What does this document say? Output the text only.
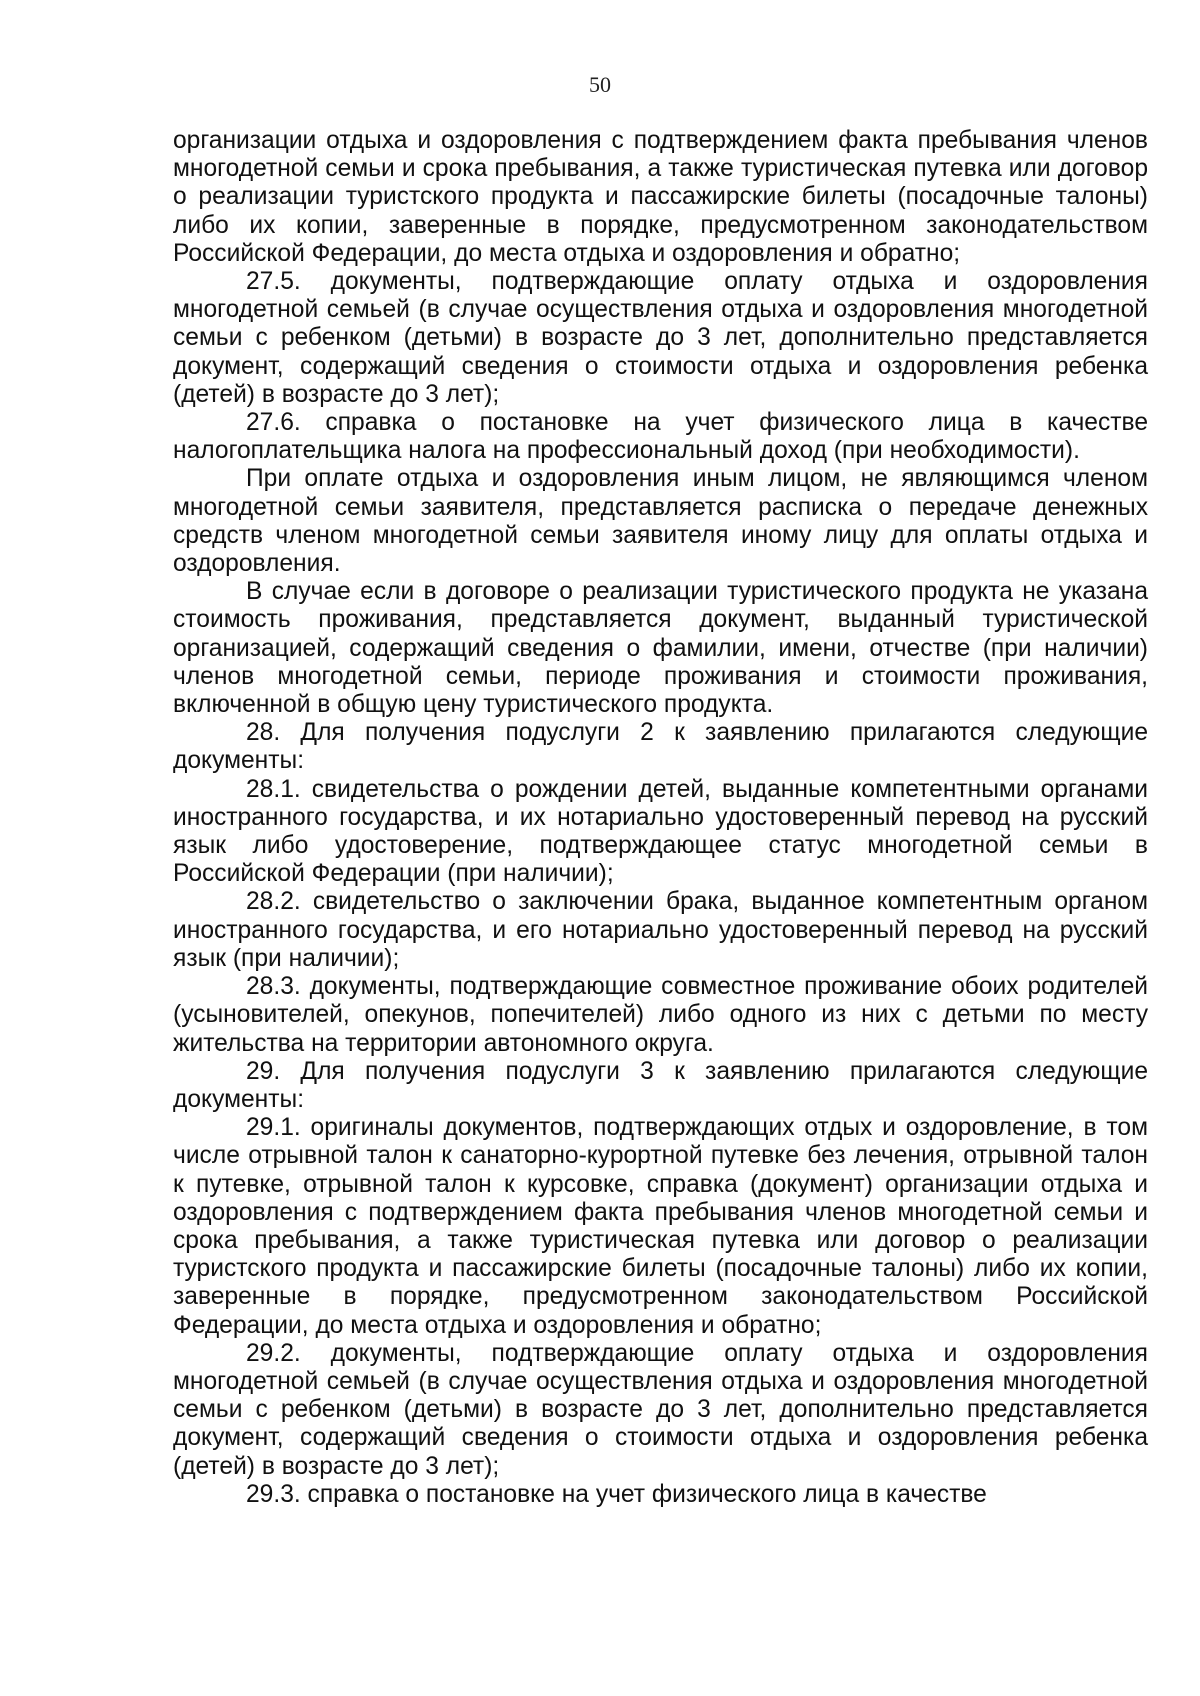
50

организации отдыха и оздоровления с подтверждением факта пребывания членов многодетной семьи и срока пребывания, а также туристическая путевка или договор о реализации туристского продукта и пассажирские билеты (посадочные талоны) либо их копии, заверенные в порядке, предусмотренном законодательством Российской Федерации, до места отдыха и оздоровления и обратно;

27.5. документы, подтверждающие оплату отдыха и оздоровления многодетной семьей (в случае осуществления отдыха и оздоровления многодетной семьи с ребенком (детьми) в возрасте до 3 лет, дополнительно представляется документ, содержащий сведения о стоимости отдыха и оздоровления ребенка (детей) в возрасте до 3 лет);

27.6. справка о постановке на учет физического лица в качестве налогоплательщика налога на профессиональный доход (при необходимости).

При оплате отдыха и оздоровления иным лицом, не являющимся членом многодетной семьи заявителя, представляется расписка о передаче денежных средств членом многодетной семьи заявителя иному лицу для оплаты отдыха и оздоровления.

В случае если в договоре о реализации туристического продукта не указана стоимость проживания, представляется документ, выданный туристической организацией, содержащий сведения о фамилии, имени, отчестве (при наличии) членов многодетной семьи, периоде проживания и стоимости проживания, включенной в общую цену туристического продукта.

28. Для получения подуслуги 2 к заявлению прилагаются следующие документы:

28.1. свидетельства о рождении детей, выданные компетентными органами иностранного государства, и их нотариально удостоверенный перевод на русский язык либо удостоверение, подтверждающее статус многодетной семьи в Российской Федерации (при наличии);

28.2. свидетельство о заключении брака, выданное компетентным органом иностранного государства, и его нотариально удостоверенный перевод на русский язык (при наличии);

28.3. документы, подтверждающие совместное проживание обоих родителей (усыновителей, опекунов, попечителей) либо одного из них с детьми по месту жительства на территории автономного округа.

29. Для получения подуслуги 3 к заявлению прилагаются следующие документы:

29.1. оригиналы документов, подтверждающих отдых и оздоровление, в том числе отрывной талон к санаторно-курортной путевке без лечения, отрывной талон к путевке, отрывной талон к курсовке, справка (документ) организации отдыха и оздоровления с подтверждением факта пребывания членов многодетной семьи и срока пребывания, а также туристическая путевка или договор о реализации туристского продукта и пассажирские билеты (посадочные талоны) либо их копии, заверенные в порядке, предусмотренном законодательством Российской Федерации, до места отдыха и оздоровления и обратно;

29.2. документы, подтверждающие оплату отдыха и оздоровления многодетной семьей (в случае осуществления отдыха и оздоровления многодетной семьи с ребенком (детьми) в возрасте до 3 лет, дополнительно представляется документ, содержащий сведения о стоимости отдыха и оздоровления ребенка (детей) в возрасте до 3 лет);

29.3. справка о постановке на учет физического лица в качестве
